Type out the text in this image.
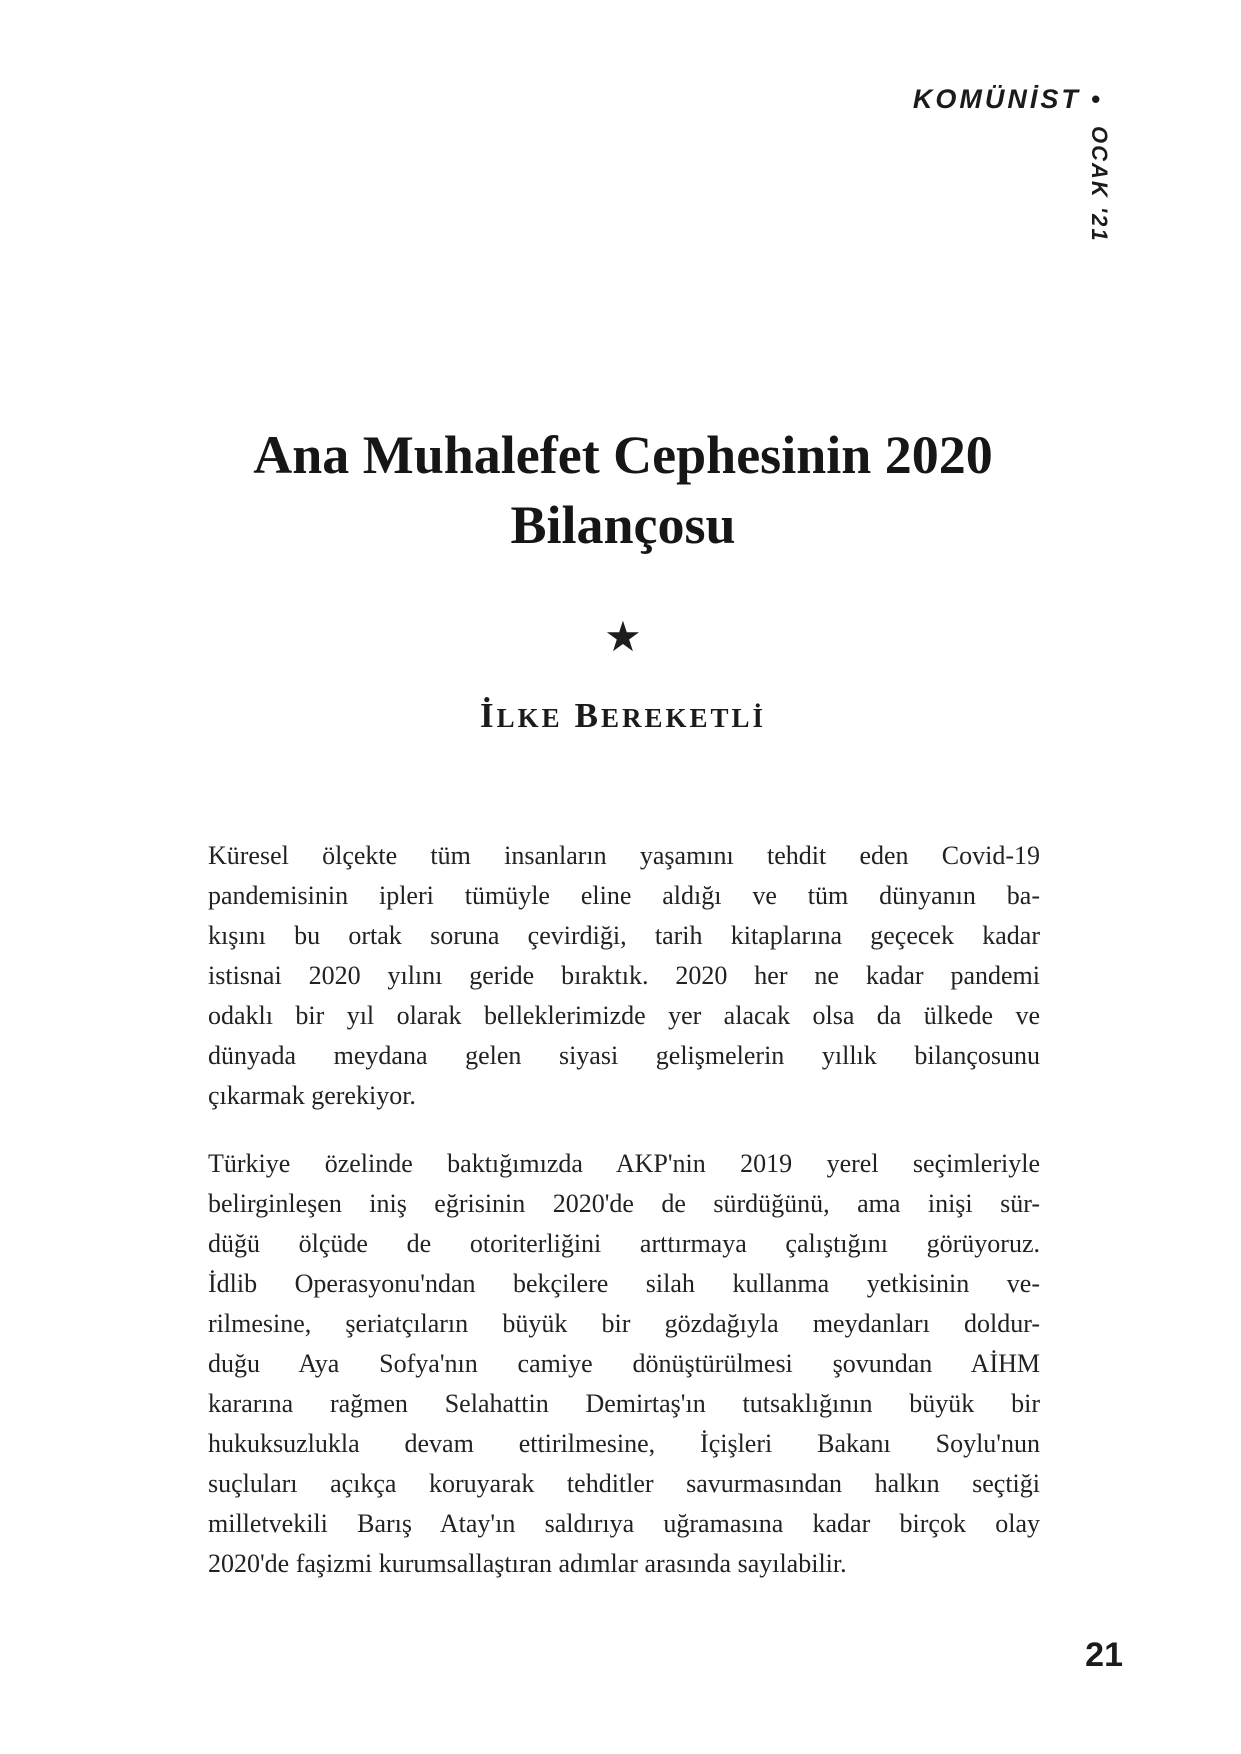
KOMÜNİST •
OCAK '21
Ana Muhalefet Cephesinin 2020
Bilançosu
★
İLKE BEREKETLİ
Küresel ölçekte tüm insanların yaşamını tehdit eden Covid-19
pandemisinin ipleri tümüyle eline aldığı ve tüm dünyanın ba-
kışını bu ortak soruna çevirdiği, tarih kitaplarına geçecek kadar
istisnai 2020 yılını geride bıraktık. 2020 her ne kadar pandemi
odaklı bir yıl olarak belleklerimizde yer alacak olsa da ülkede ve
dünyada meydana gelen siyasi gelişmelerin yıllık bilançosunu
çıkarmak gerekiyor.
Türkiye özelinde baktığımızda AKP'nin 2019 yerel seçimleriyle
belirginleşen iniş eğrisinin 2020'de de sürdüğünü, ama inişi sür-
düğü ölçüde de otoriterliğini arttırmaya çalıştığını görüyoruz.
İdlib Operasyonu'ndan bekçilere silah kullanma yetkisinin ve-
rilmesine, şeriatçıların büyük bir gözdağıyla meydanları doldur-
duğu Aya Sofya'nın camiye dönüştürülmesi şovundan AİHM
kararına rağmen Selahattin Demirtaş'ın tutsaklığının büyük bir
hukuksuzlukla devam ettirilmesine, İçişleri Bakanı Soylu'nun
suçluları açıkça koruyarak tehditler savurmasından halkın seçtiği
milletvekili Barış Atay'ın saldırıya uğramasına kadar birçok olay
2020'de faşizmi kurumsallaştıran adımlar arasında sayılabilir.
21
